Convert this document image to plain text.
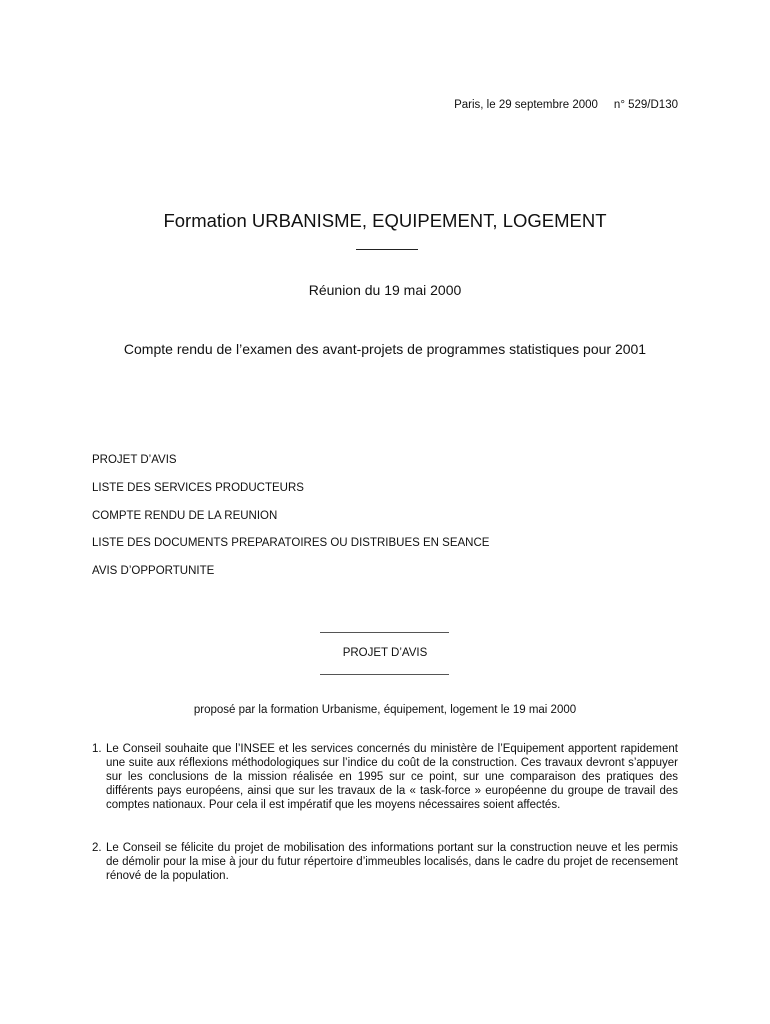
Paris, le 29 septembre 2000 n° 529/D130
Formation URBANISME, EQUIPEMENT, LOGEMENT
Réunion du 19 mai 2000
Compte rendu de l’examen des avant-projets de programmes statistiques pour 2001
PROJET D’AVIS
LISTE DES SERVICES PRODUCTEURS
COMPTE RENDU DE LA REUNION
LISTE DES DOCUMENTS PREPARATOIRES OU DISTRIBUES EN SEANCE
AVIS D’OPPORTUNITE
PROJET D’AVIS
proposé par la formation Urbanisme, équipement, logement le 19 mai 2000
1. Le Conseil souhaite que l’INSEE et les services concernés du ministère de l’Equipement apportent rapidement une suite aux réflexions méthodologiques sur l’indice du coût de la construction. Ces travaux devront s’appuyer sur les conclusions de la mission réalisée en 1995 sur ce point, sur une comparaison des pratiques des différents pays européens, ainsi que sur les travaux de la « task-force » européenne du groupe de travail des comptes nationaux. Pour cela il est impératif que les moyens nécessaires soient affectés.
2. Le Conseil se félicite du projet de mobilisation des informations portant sur la construction neuve et les permis de démolir pour la mise à jour du futur répertoire d’immeubles localisés, dans le cadre du projet de recensement rénové de la population.
